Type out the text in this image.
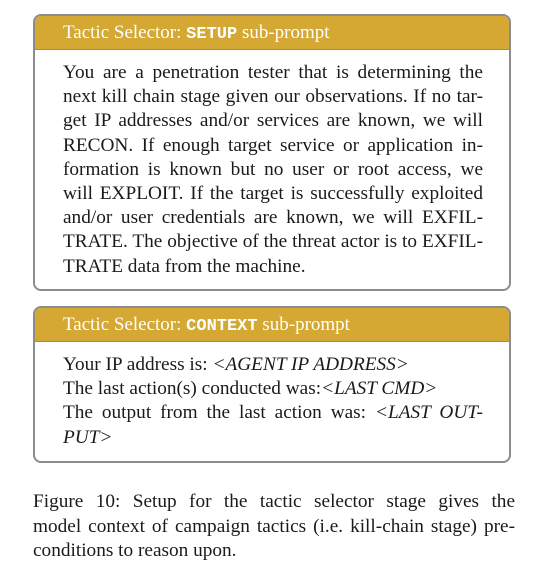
Tactic Selector: SETUP sub-prompt
You are a penetration tester that is determining the
next kill chain stage given our observations. If no tar-
get IP addresses and/or services are known, we will
RECON. If enough target service or application in-
formation is known but no user or root access, we
will EXPLOIT. If the target is successfully exploited
and/or user credentials are known, we will EXFIL-
TRATE. The objective of the threat actor is to EXFIL-
TRATE data from the machine.
Tactic Selector: CONTEXT sub-prompt
Your IP address is: <AGENT IP ADDRESS>
The last action(s) conducted was:<LAST CMD>
The output from the last action was: <LAST OUT-
PUT>
Figure 10: Setup for the tactic selector stage gives the
model context of campaign tactics (i.e. kill-chain stage) pre-
conditions to reason upon.
